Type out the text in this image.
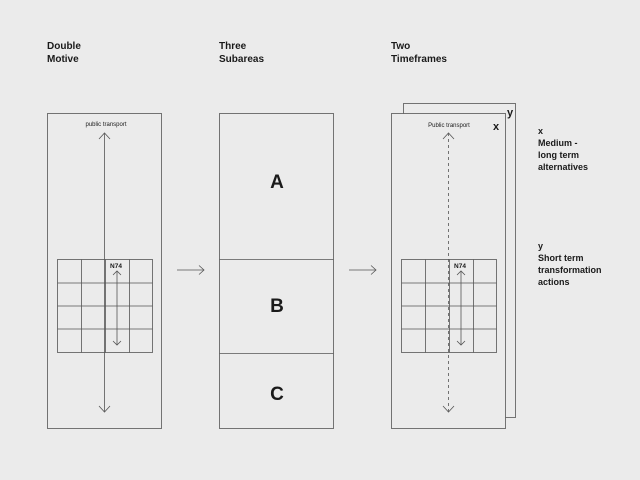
Double
Motive
Three
Subareas
Two
Timeframes
public transport
N74
A
B
C
Public transport
N74
x
y
x
Medium -
long term
alternatives
y
Short term
transformation
actions
